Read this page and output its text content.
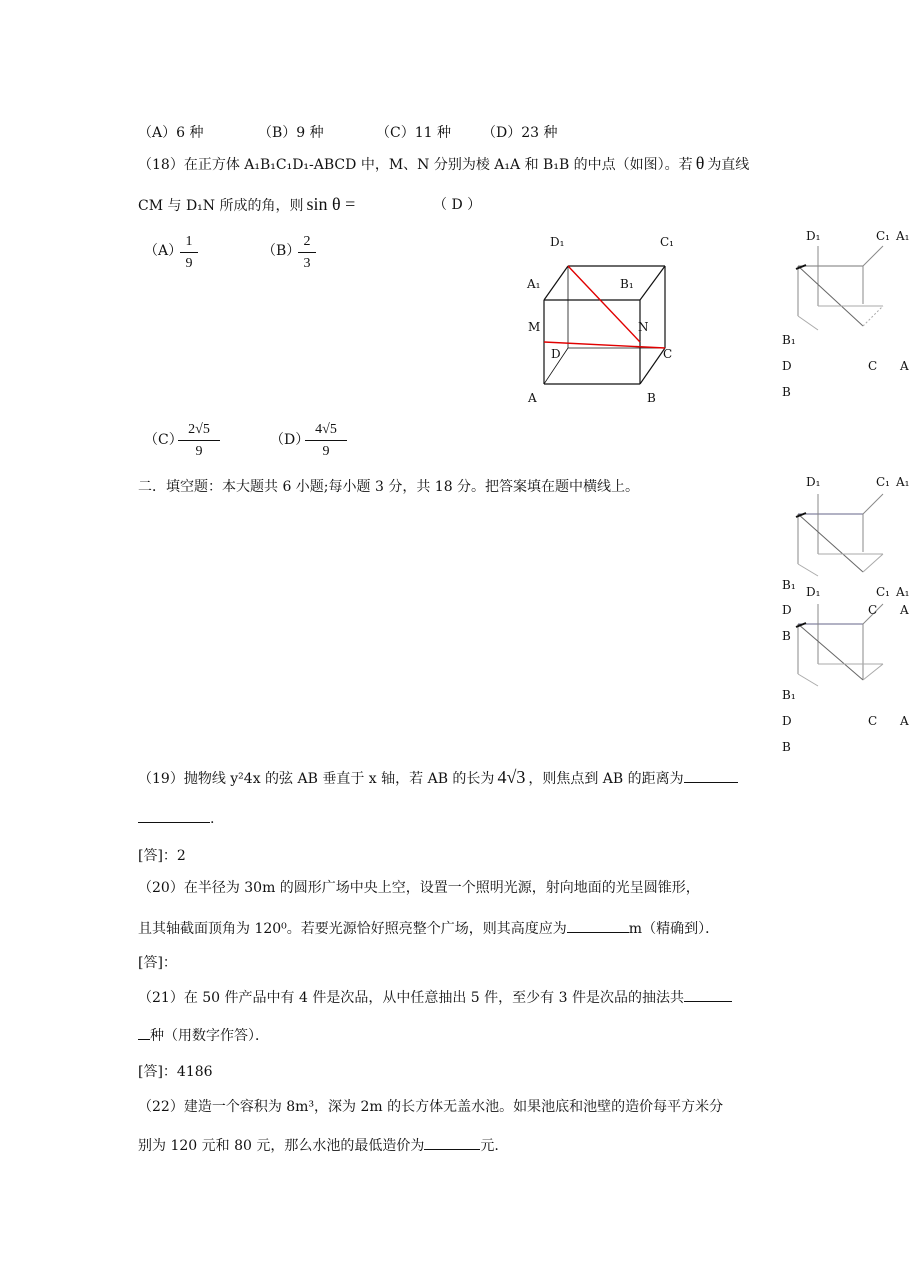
（A）6 种	（B）9 种	（C）11 种 （D）23 种
（18）在正方体 A₁B₁C₁D₁-ABCD 中，M、N 分别为棱 A₁A 和 B₁B 的中点（如图）。若 θ 为直线
CM 与 D₁N 所成的角，则 sin θ =	（ D ）
（A）
$\frac{1}{9}$	（B）
$\frac{2}{3}$
（C）
$\frac{2√5}{9}$	（D）
$\frac{4√5}{9}$
D₁	C₁
A₁	B₁
M	N
D	C
A	B
D₁	C₁ A₁
B₁
D	C A
B
二．填空题：本大题共 6 小题;每小题 3 分，共 18 分。把答案填在题中横线上。	D₁	C₁ A₁
B₁
D	C A
B
D₁	C₁ A₁
B₁
D	C A
B
（19）抛物线 y²4x 的弦 AB 垂直于 x 轴，若 AB 的长为 4√3 ，则焦点到 AB 的距离为
.
[答]：2
（20）在半径为 30m 的圆形广场中央上空，设置一个照明光源，射向地面的光呈圆锥形，
且其轴截面顶角为 120⁰。若要光源恰好照亮整个广场，则其高度应为	m（精确到）．
[答]：
（21）在 50 件产品中有 4 件是次品，从中任意抽出 5 件，至少有 3 件是次品的抽法共
种（用数字作答）．
[答]：4186
（22）建造一个容积为 8m³，深为 2m 的长方体无盖水池。如果池底和池壁的造价每平方米分
别为 120 元和 80 元，那么水池的最低造价为	元.
